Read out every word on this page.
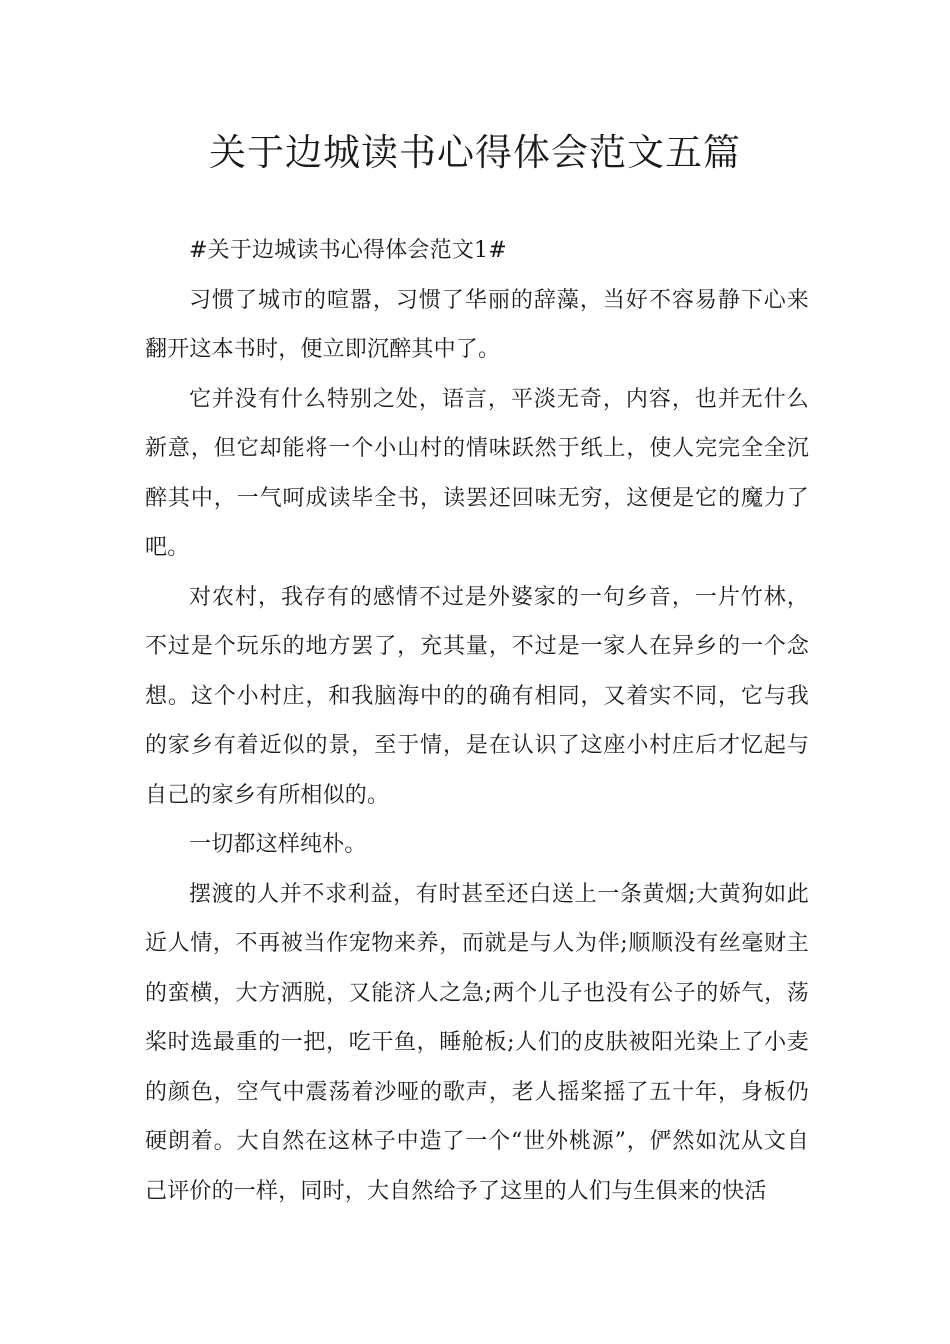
关于边城读书心得体会范文五篇

#关于边城读书心得体会范文1#

习惯了城市的喧嚣，习惯了华丽的辞藻，当好不容易静下心来翻开这本书时，便立即沉醉其中了。

它并没有什么特别之处，语言，平淡无奇，内容，也并无什么新意，但它却能将一个小山村的情味跃然于纸上，使人完完全全沉醉其中，一气呵成读毕全书，读罢还回味无穷，这便是它的魔力了吧。

对农村，我存有的感情不过是外婆家的一句乡音，一片竹林，不过是个玩乐的地方罢了，充其量，不过是一家人在异乡的一个念想。这个小村庄，和我脑海中的的确有相同，又着实不同，它与我的家乡有着近似的景，至于情，是在认识了这座小村庄后才忆起与自己的家乡有所相似的。

一切都这样纯朴。

摆渡的人并不求利益，有时甚至还白送上一条黄烟;大黄狗如此近人情，不再被当作宠物来养，而就是与人为伴;顺顺没有丝毫财主的蛮横，大方洒脱，又能济人之急;两个儿子也没有公子的娇气，荡桨时选最重的一把，吃干鱼，睡舱板;人们的皮肤被阳光染上了小麦的颜色，空气中震荡着沙哑的歌声，老人摇桨摇了五十年，身板仍硬朗着。大自然在这林子中造了一个“世外桃源”，俨然如沈从文自己评价的一样，同时，大自然给予了这里的人们与生俱来的快活
